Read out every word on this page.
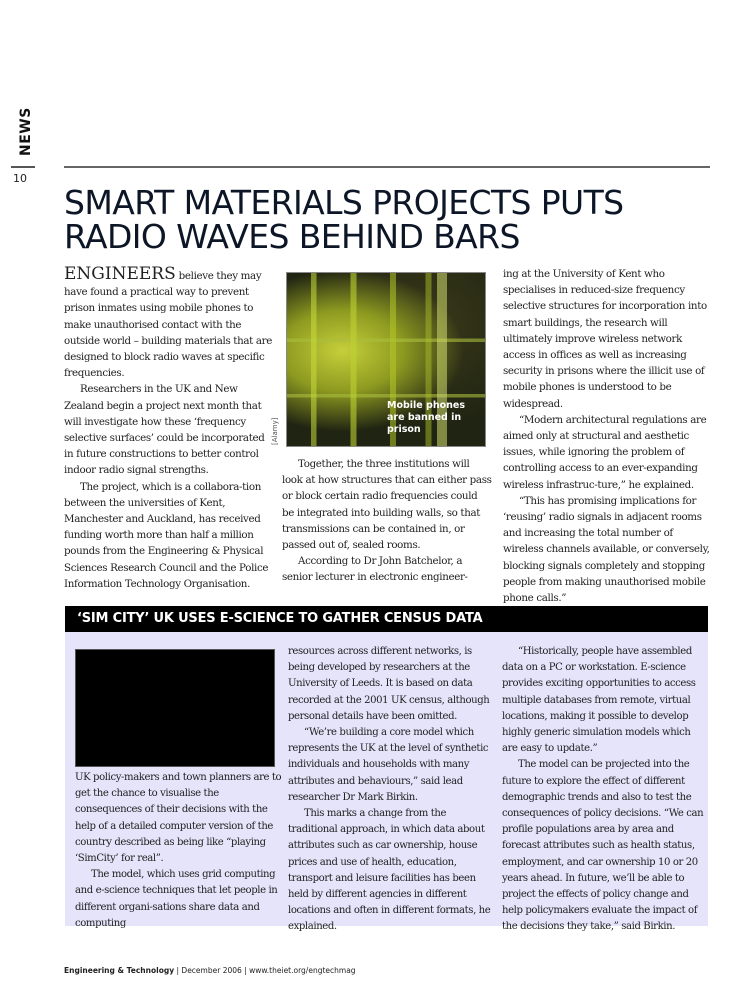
NEWS
10
SMART MATERIALS PROJECTS PUTS
RADIO WAVES BEHIND BARS

ENGINEERS believe they may have found a practical way to prevent prison inmates using mobile phones to make unauthorised contact with the outside world – building materials that are designed to block radio waves at specific frequencies.

Researchers in the UK and New Zealand begin a project next month that will investigate how these ‘frequency selective surfaces’ could be incorporated in future constructions to better control indoor radio signal strengths.

The project, which is a collabora-tion between the universities of Kent, Manchester and Auckland, has received funding worth more than half a million pounds from the Engineering & Physical Sciences Research Council and the Police Information Technology Organisation.

Mobile phones are banned in prison
[Alamy]

Together, the three institutions will look at how structures that can either pass or block certain radio frequencies could be integrated into building walls, so that transmissions can be contained in, or passed out of, sealed rooms.

According to Dr John Batchelor, a senior lecturer in electronic engineer-

ing at the University of Kent who specialises in reduced-size frequency selective structures for incorporation into smart buildings, the research will ultimately improve wireless network access in offices as well as increasing security in prisons where the illicit use of mobile phones is understood to be widespread.

“Modern architectural regulations are aimed only at structural and aesthetic issues, while ignoring the problem of controlling access to an ever-expanding wireless infrastruc-ture,” he explained.

“This has promising implications for ‘reusing’ radio signals in adjacent rooms and increasing the total number of wireless channels available, or conversely, blocking signals completely and stopping people from making unauthorised mobile phone calls.”

‘SIM CITY’ UK USES E-SCIENCE TO GATHER CENSUS DATA

UK policy-makers and town planners are to get the chance to visualise the consequences of their decisions with the help of a detailed computer version of the country described as being like “playing ‘SimCity’ for real”.

The model, which uses grid computing and e-science techniques that let people in different organi-sations share data and computing

resources across different networks, is being developed by researchers at the University of Leeds. It is based on data recorded at the 2001 UK census, although personal details have been omitted.

“We’re building a core model which represents the UK at the level of synthetic individuals and households with many attributes and behaviours,” said lead researcher Dr Mark Birkin.

This marks a change from the traditional approach, in which data about attributes such as car ownership, house prices and use of health, education, transport and leisure facilities has been held by different agencies in different locations and often in different formats, he explained.

“Historically, people have assembled data on a PC or workstation. E-science provides exciting opportunities to access multiple databases from remote, virtual locations, making it possible to develop highly generic simulation models which are easy to update.”

The model can be projected into the future to explore the effect of different demographic trends and also to test the consequences of policy decisions. “We can profile populations area by area and forecast attributes such as health status, employment, and car ownership 10 or 20 years ahead. In future, we’ll be able to project the effects of policy change and help policymakers evaluate the impact of the decisions they take,” said Birkin.

Engineering & Technology | December 2006 | www.theiet.org/engtechmag
